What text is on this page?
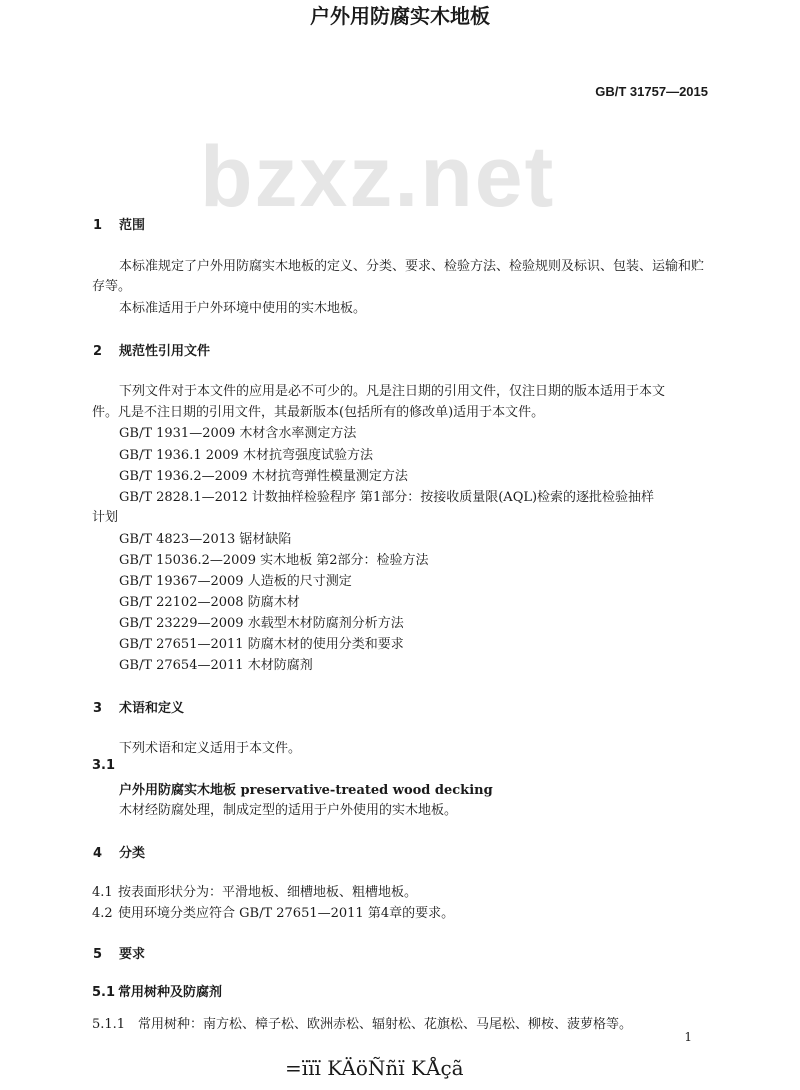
GB/T 31757—2015
bzxz.net
户外用防腐实木地板
1 范围
本标准规定了户外用防腐实木地板的定义、分类、要求、检验方法、检验规则及标识、包装、运输和贮
存等。
本标准适用于户外环境中使用的实木地板。
2 规范性引用文件
下列文件对于本文件的应用是必不可少的。凡是注日期的引用文件，仅注日期的版本适用于本文
件。凡是不注日期的引用文件，其最新版本(包括所有的修改单)适用于本文件。
GB/T 1931—2009 木材含水率测定方法
GB/T 1936.1 2009 木材抗弯强度试验方法
GB/T 1936.2—2009 木材抗弯弹性模量测定方法
GB/T 2828.1—2012 计数抽样检验程序 第1部分：按接收质量限(AQL)检索的逐批检验抽样
计划
GB/T 4823—2013 锯材缺陷
GB/T 15036.2—2009 实木地板 第2部分：检验方法
GB/T 19367—2009 人造板的尺寸测定
GB/T 22102—2008 防腐木材
GB/T 23229—2009 水载型木材防腐剂分析方法
GB/T 27651—2011 防腐木材的使用分类和要求
GB/T 27654—2011 木材防腐剂
3 术语和定义
下列术语和定义适用于本文件。
3.1
户外用防腐实木地板 preservative-treated wood decking
木材经防腐处理，制成定型的适用于户外使用的实木地板。
4 分类
4.1 按表面形状分为：平滑地板、细槽地板、粗槽地板。
4.2 使用环境分类应符合 GB/T 27651—2011 第4章的要求。
5 要求
5.1 常用树种及防腐剂
5.1.1 常用树种：南方松、樟子松、欧洲赤松、辐射松、花旗松、马尾松、柳桉、菠萝格等。
1
=ïïï KÄöÑñï KÅçã
